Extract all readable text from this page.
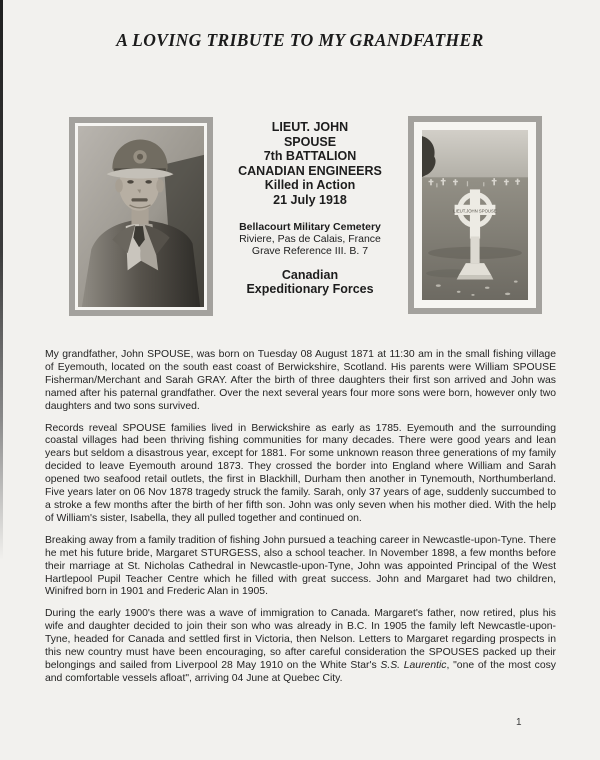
A LOVING TRIBUTE TO MY GRANDFATHER
LIEUT. JOHN
SPOUSE
7th BATTALION
CANADIAN ENGINEERS
Killed in Action
21 July 1918
Bellacourt Military Cemetery
Riviere, Pas de Calais, France
Grave Reference III. B. 7
Canadian
Expeditionary Forces
LIEUT.JOHN SPOUSE

My grandfather, John SPOUSE, was born on Tuesday 08 August 1871 at 11:30 am in the small fishing village of Eyemouth, located on the south east coast of Berwickshire, Scotland. His parents were William SPOUSE Fisherman/Merchant and Sarah GRAY. After the birth of three daughters their first son arrived and John was named after his paternal grandfather. Over the next several years four more sons were born, however only two daughters and two sons survived.

Records reveal SPOUSE families lived in Berwickshire as early as 1785. Eyemouth and the surrounding coastal villages had been thriving fishing communities for many decades. There were good years and lean years but seldom a disastrous year, except for 1881. For some unknown reason three generations of my family decided to leave Eyemouth around 1873. They crossed the border into England where William and Sarah opened two seafood retail outlets, the first in Blackhill, Durham then another in Tynemouth, Northumberland. Five years later on 06 Nov 1878 tragedy struck the family. Sarah, only 37 years of age, suddenly succumbed to a stroke a few months after the birth of her fifth son. John was only seven when his mother died. With the help of William's sister, Isabella, they all pulled together and continued on.

Breaking away from a family tradition of fishing John pursued a teaching career in Newcastle-upon-Tyne. There he met his future bride, Margaret STURGESS, also a school teacher. In November 1898, a few months before their marriage at St. Nicholas Cathedral in Newcastle-upon-Tyne, John was appointed Principal of the West Hartlepool Pupil Teacher Centre which he filled with great success. John and Margaret had two children, Winifred born in 1901 and Frederic Alan in 1905.

During the early 1900's there was a wave of immigration to Canada. Margaret's father, now retired, plus his wife and daughter decided to join their son who was already in B.C. In 1905 the family left Newcastle-upon-Tyne, headed for Canada and settled first in Victoria, then Nelson. Letters to Margaret regarding prospects in this new country must have been encouraging, so after careful consideration the SPOUSES packed up their belongings and sailed from Liverpool 28 May 1910 on the White Star's S.S. Laurentic, "one of the most cosy and comfortable vessels afloat", arriving 04 June at Quebec City.

1
